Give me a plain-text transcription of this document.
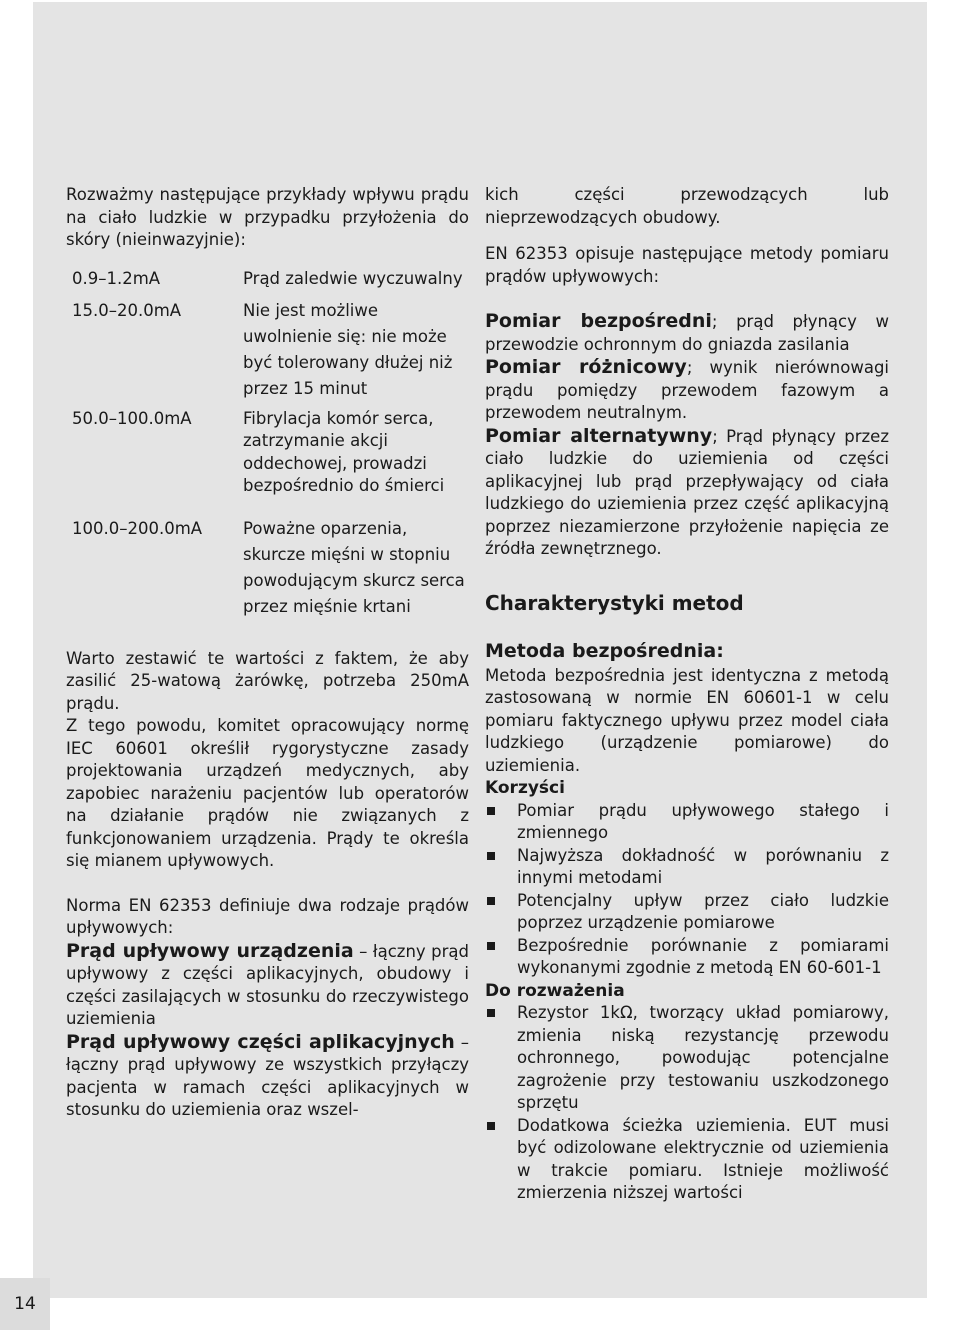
Rozważmy następujące przykłady wpływu prądu na ciało ludzkie w przypadku przyłożenia do skóry (nieinwazyjnie):

0.9–1.2mA	Prąd zaledwie wyczuwalny
15.0–20.0mA	Nie jest możliwe uwolnienie się: nie może być tolerowany dłużej niż przez 15 minut
50.0–100.0mA	Fibrylacja komór serca, zatrzymanie akcji oddechowej, prowadzi bezpośrednio do śmierci
100.0–200.0mA	Poważne oparzenia, skurcze mięśni w stopniu powodującym skurcz serca przez mięśnie krtani

Warto zestawić te wartości z faktem, że aby zasilić 25-watową żarówkę, potrzeba 250mA prądu.

Z tego powodu, komitet opracowujący normę IEC 60601 określił rygorystyczne zasady projektowania urządzeń medycznych, aby zapobiec narażeniu pacjentów lub operatorów na działanie prądów nie związanych z funkcjonowaniem urządzenia. Prądy te określa się mianem upływowych.

Norma EN 62353 definiuje dwa rodzaje prądów upływowych:

Prąd upływowy urządzenia – łączny prąd upływowy z części aplikacyjnych, obudowy i części zasilających w stosunku do rzeczywistego uziemienia

Prąd upływowy części aplikacyjnych – łączny prąd upływowy ze wszystkich przyłączy pacjenta w ramach części aplikacyjnych w stosunku do uziemienia oraz wszel-

kich części przewodzących lub nieprzewodzących obudowy.

EN 62353 opisuje następujące metody pomiaru prądów upływowych:

Pomiar bezpośredni; prąd płynący w przewodzie ochronnym do gniazda zasilania

Pomiar różnicowy; wynik nierównowagi prądu pomiędzy przewodem fazowym a przewodem neutralnym.

Pomiar alternatywny; Prąd płynący przez ciało ludzkie do uziemienia od części aplikacyjnej lub prąd przepływający od ciała ludzkiego do uziemienia przez część aplikacyjną poprzez niezamierzone przyłożenie napięcia ze źródła zewnętrznego.

Charakterystyki metod

Metoda bezpośrednia:

Metoda bezpośrednia jest identyczna z metodą zastosowaną w normie EN 60601-1 w celu pomiaru faktycznego upływu przez model ciała ludzkiego (urządzenie pomiarowe) do uziemienia.

Korzyści

Pomiar prądu upływowego stałego i zmiennego
Najwyższa dokładność w porównaniu z innymi metodami
Potencjalny upływ przez ciało ludzkie poprzez urządzenie pomiarowe
Bezpośrednie porównanie z pomiarami wykonanymi zgodnie z metodą EN 60-601-1

Do rozważenia

Rezystor 1kΩ, tworzący układ pomiarowy, zmienia niską rezystancję przewodu ochronnego, powodując potencjalne zagrożenie przy testowaniu uszkodzonego sprzętu
Dodatkowa ścieżka uziemienia. EUT musi być odizolowane elektrycznie od uziemienia w trakcie pomiaru. Istnieje możliwość zmierzenia niższej wartości
14
